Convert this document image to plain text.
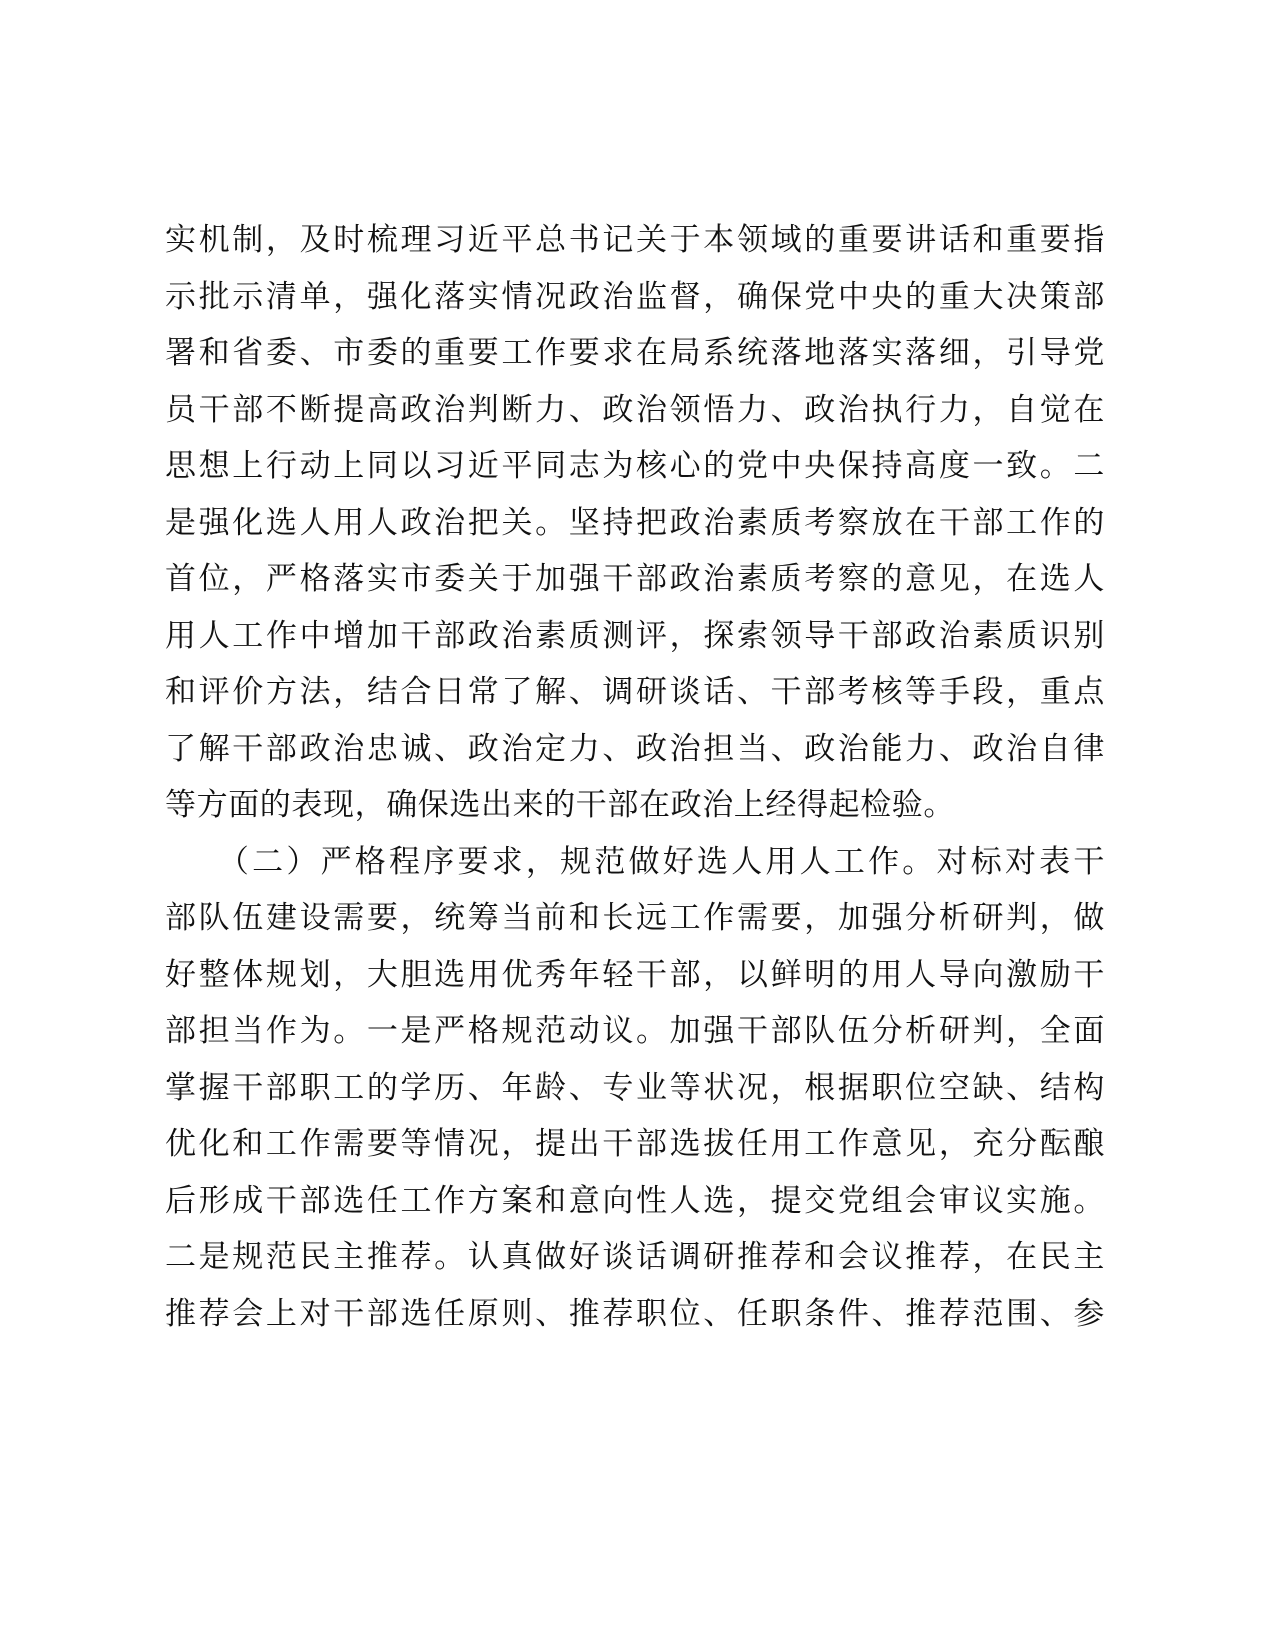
实机制，及时梳理习近平总书记关于本领域的重要讲话和重要指
示批示清单，强化落实情况政治监督，确保党中央的重大决策部
署和省委、市委的重要工作要求在局系统落地落实落细，引导党
员干部不断提高政治判断力、政治领悟力、政治执行力，自觉在
思想上行动上同以习近平同志为核心的党中央保持高度一致。二
是强化选人用人政治把关。坚持把政治素质考察放在干部工作的
首位，严格落实市委关于加强干部政治素质考察的意见，在选人
用人工作中增加干部政治素质测评，探索领导干部政治素质识别
和评价方法，结合日常了解、调研谈话、干部考核等手段，重点
了解干部政治忠诚、政治定力、政治担当、政治能力、政治自律
等方面的表现，确保选出来的干部在政治上经得起检验。
　　（二）严格程序要求，规范做好选人用人工作。对标对表干
部队伍建设需要，统筹当前和长远工作需要，加强分析研判，做
好整体规划，大胆选用优秀年轻干部，以鲜明的用人导向激励干
部担当作为。一是严格规范动议。加强干部队伍分析研判，全面
掌握干部职工的学历、年龄、专业等状况，根据职位空缺、结构
优化和工作需要等情况，提出干部选拔任用工作意见，充分酝酿
后形成干部选任工作方案和意向性人选，提交党组会审议实施。
二是规范民主推荐。认真做好谈话调研推荐和会议推荐，在民主
推荐会上对干部选任原则、推荐职位、任职条件、推荐范围、参
